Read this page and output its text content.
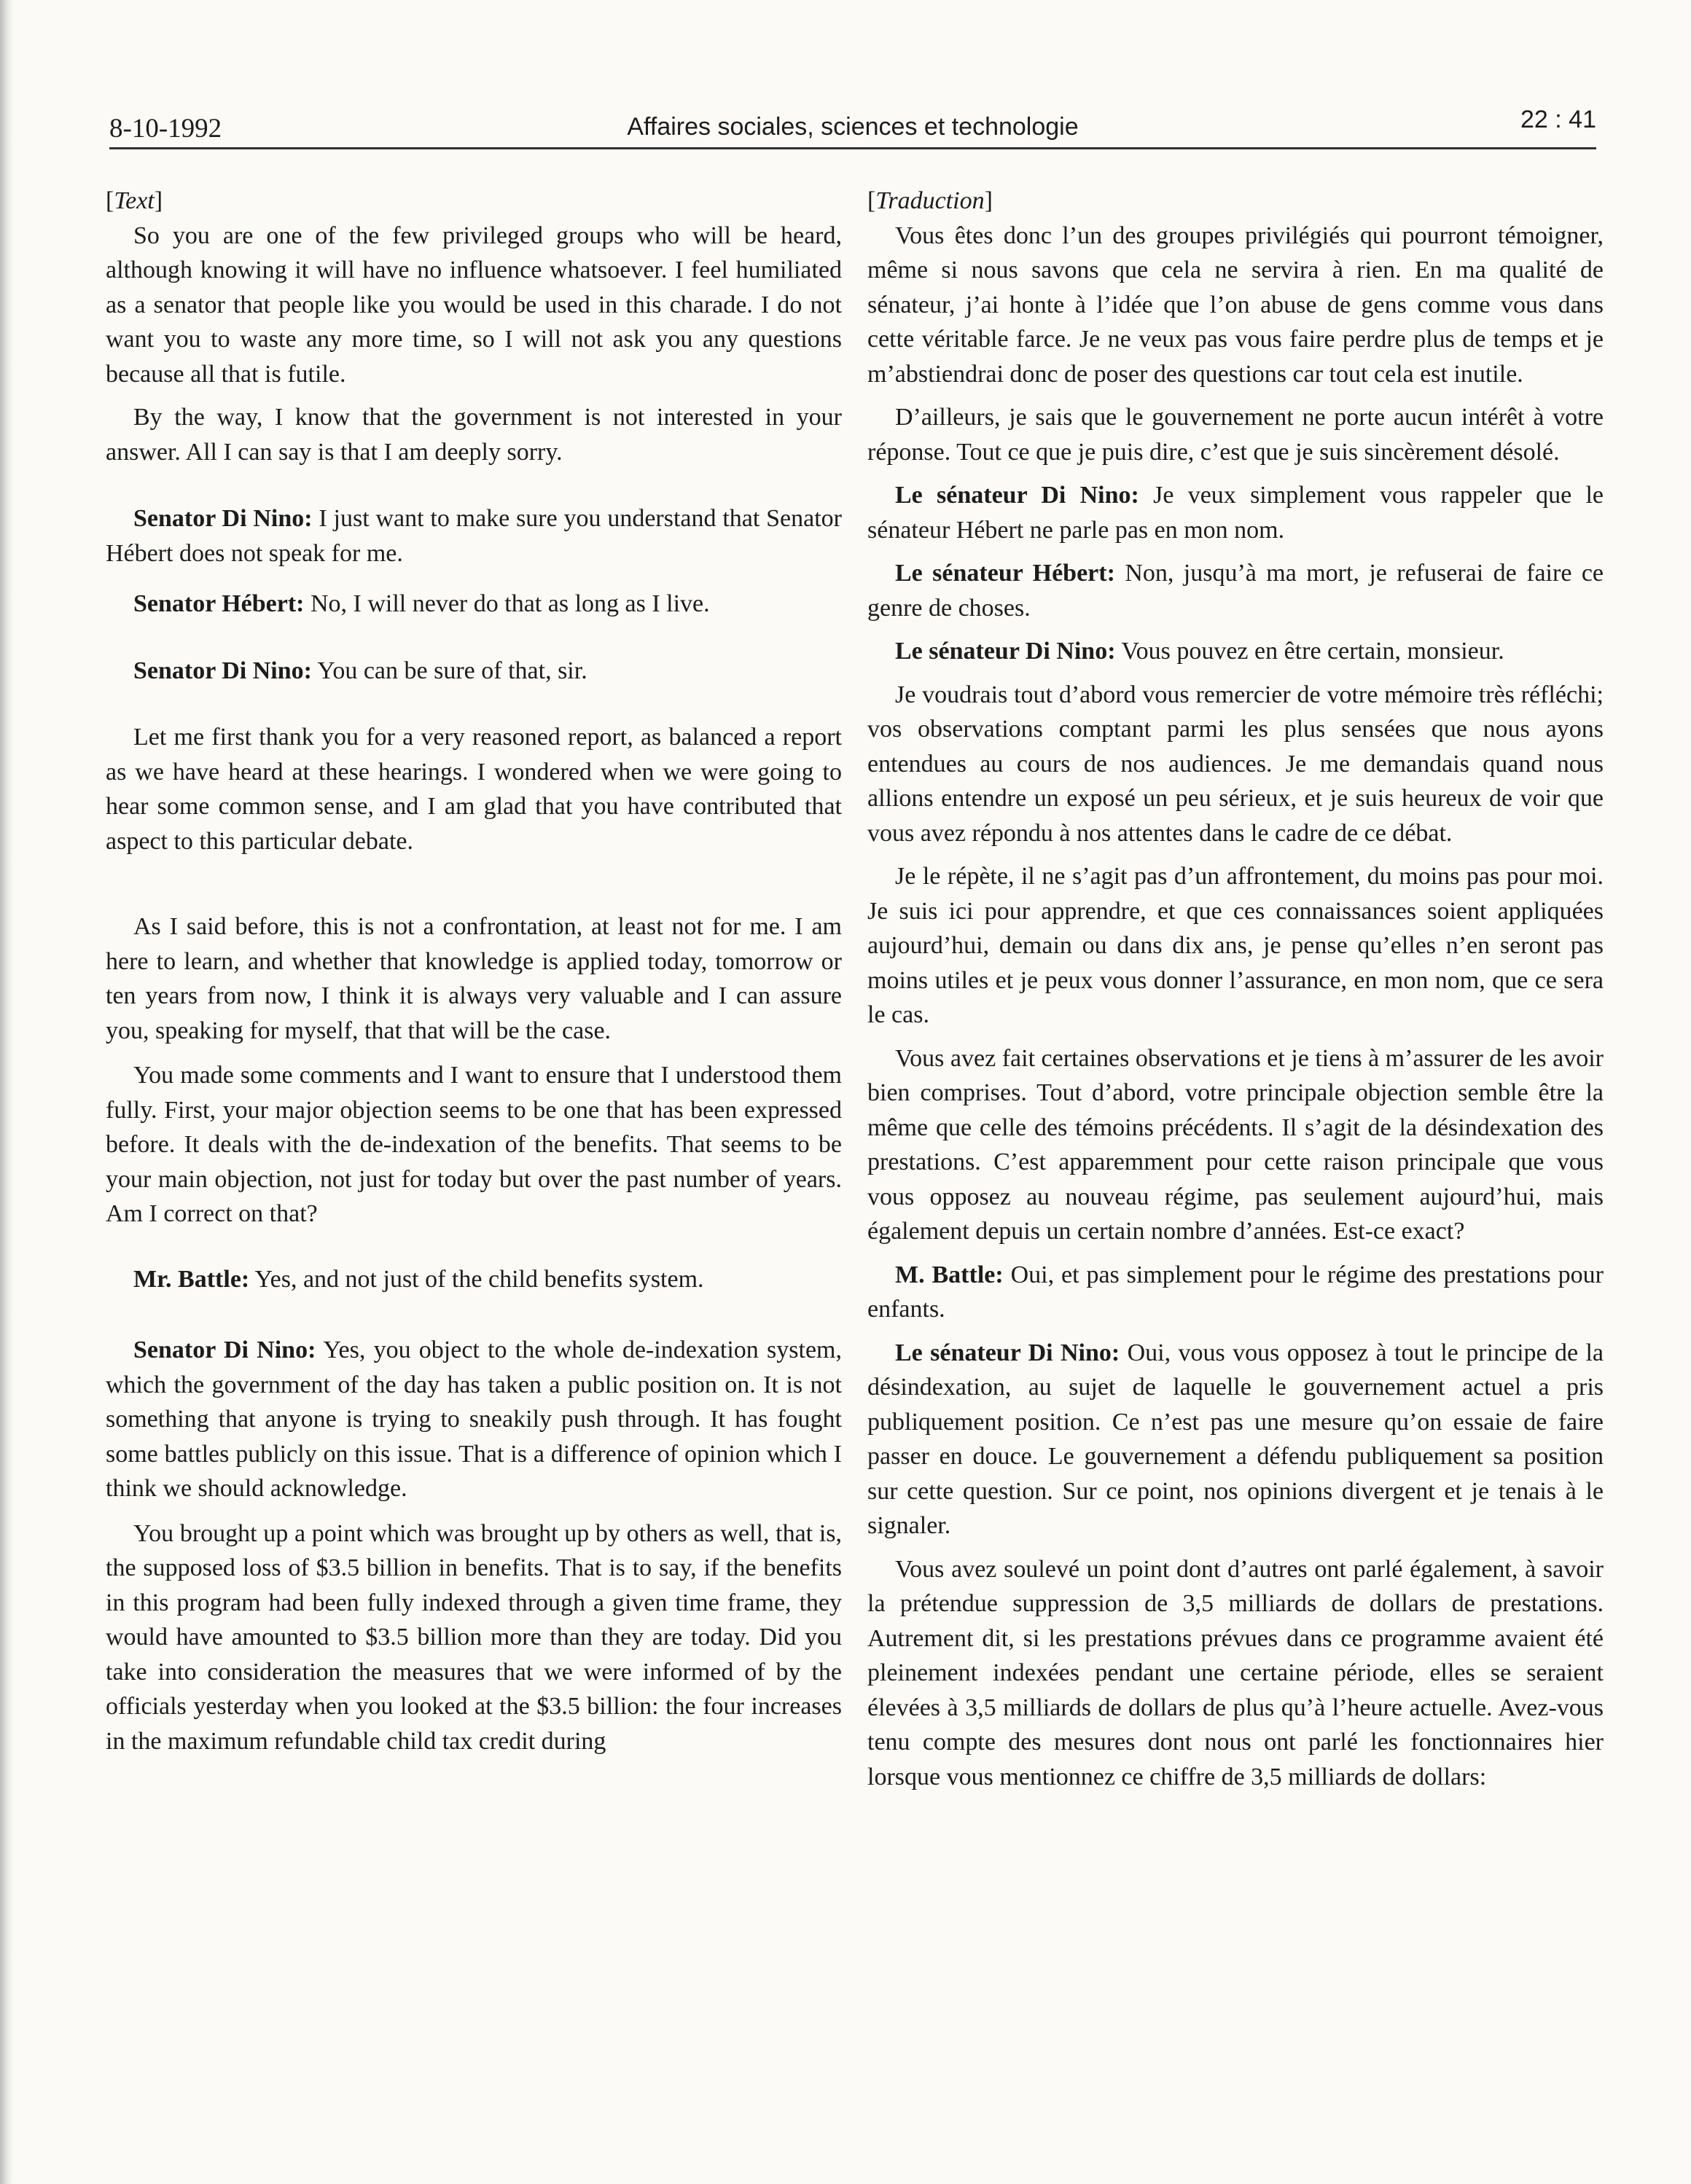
8-10-1992	Affaires sociales, sciences et technologie	22 : 41

[Text]

So you are one of the few privileged groups who will be heard, although knowing it will have no influence whatsoever. I feel humiliated as a senator that people like you would be used in this charade. I do not want you to waste any more time, so I will not ask you any questions because all that is futile.

By the way, I know that the government is not interested in your answer. All I can say is that I am deeply sorry.

Senator Di Nino: I just want to make sure you understand that Senator Hébert does not speak for me.

Senator Hébert: No, I will never do that as long as I live.

Senator Di Nino: You can be sure of that, sir.

Let me first thank you for a very reasoned report, as balanced a report as we have heard at these hearings. I wondered when we were going to hear some common sense, and I am glad that you have contributed that aspect to this particular debate.

As I said before, this is not a confrontation, at least not for me. I am here to learn, and whether that knowledge is applied today, tomorrow or ten years from now, I think it is always very valuable and I can assure you, speaking for myself, that that will be the case.

You made some comments and I want to ensure that I understood them fully. First, your major objection seems to be one that has been expressed before. It deals with the de-indexation of the benefits. That seems to be your main objection, not just for today but over the past number of years. Am I correct on that?

Mr. Battle: Yes, and not just of the child benefits system.

Senator Di Nino: Yes, you object to the whole de-indexation system, which the government of the day has taken a public position on. It is not something that anyone is trying to sneakily push through. It has fought some battles publicly on this issue. That is a difference of opinion which I think we should acknowledge.

You brought up a point which was brought up by others as well, that is, the supposed loss of $3.5 billion in benefits. That is to say, if the benefits in this program had been fully indexed through a given time frame, they would have amounted to $3.5 billion more than they are today. Did you take into consideration the measures that we were informed of by the officials yesterday when you looked at the $3.5 billion: the four increases in the maximum refundable child tax credit during

[Traduction]

Vous êtes donc l’un des groupes privilégiés qui pourront témoigner, même si nous savons que cela ne servira à rien. En ma qualité de sénateur, j’ai honte à l’idée que l’on abuse de gens comme vous dans cette véritable farce. Je ne veux pas vous faire perdre plus de temps et je m’abstiendrai donc de poser des questions car tout cela est inutile.

D’ailleurs, je sais que le gouvernement ne porte aucun intérêt à votre réponse. Tout ce que je puis dire, c’est que je suis sincèrement désolé.

Le sénateur Di Nino: Je veux simplement vous rappeler que le sénateur Hébert ne parle pas en mon nom.

Le sénateur Hébert: Non, jusqu’à ma mort, je refuserai de faire ce genre de choses.

Le sénateur Di Nino: Vous pouvez en être certain, monsieur.

Je voudrais tout d’abord vous remercier de votre mémoire très réfléchi; vos observations comptant parmi les plus sensées que nous ayons entendues au cours de nos audiences. Je me demandais quand nous allions entendre un exposé un peu sérieux, et je suis heureux de voir que vous avez répondu à nos attentes dans le cadre de ce débat.

Je le répète, il ne s’agit pas d’un affrontement, du moins pas pour moi. Je suis ici pour apprendre, et que ces connaissances soient appliquées aujourd’hui, demain ou dans dix ans, je pense qu’elles n’en seront pas moins utiles et je peux vous donner l’assurance, en mon nom, que ce sera le cas.

Vous avez fait certaines observations et je tiens à m’assurer de les avoir bien comprises. Tout d’abord, votre principale objection semble être la même que celle des témoins précédents. Il s’agit de la désindexation des prestations. C’est apparemment pour cette raison principale que vous vous opposez au nouveau régime, pas seulement aujourd’hui, mais également depuis un certain nombre d’années. Est-ce exact?

M. Battle: Oui, et pas simplement pour le régime des prestations pour enfants.

Le sénateur Di Nino: Oui, vous vous opposez à tout le principe de la désindexation, au sujet de laquelle le gouvernement actuel a pris publiquement position. Ce n’est pas une mesure qu’on essaie de faire passer en douce. Le gouvernement a défendu publiquement sa position sur cette question. Sur ce point, nos opinions divergent et je tenais à le signaler.

Vous avez soulevé un point dont d’autres ont parlé également, à savoir la prétendue suppression de 3,5 milliards de dollars de prestations. Autrement dit, si les prestations prévues dans ce programme avaient été pleinement indexées pendant une certaine période, elles se seraient élevées à 3,5 milliards de dollars de plus qu’à l’heure actuelle. Avez-vous tenu compte des mesures dont nous ont parlé les fonctionnaires hier lorsque vous mentionnez ce chiffre de 3,5 milliards de dollars:
